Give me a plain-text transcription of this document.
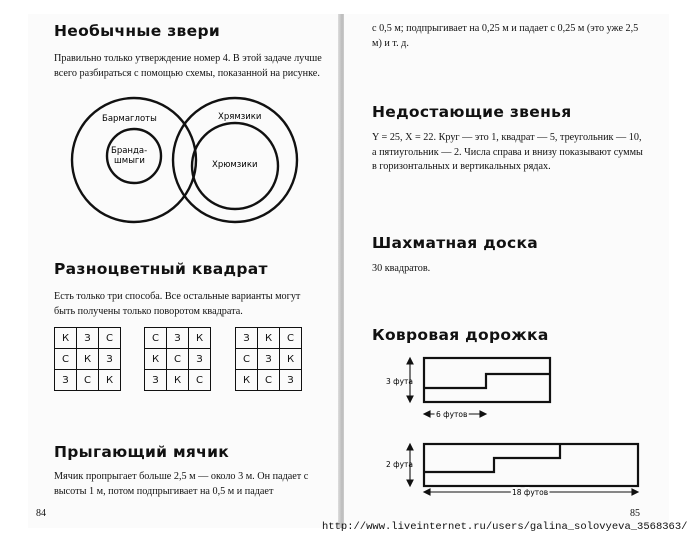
Необычные звери

Правильно только утверждение номер 4. В этой задаче лучше всего разбираться с помощью схемы, показанной на рисунке.

Бармаглоты
Бранда-
шмыги
Хрямзики
Хрюмзики
Разноцветный квадрат

Есть только три способа. Все остальные варианты могут быть получены только поворотом квадрата.

К	З	С
С	К	З
З	С	К
С	З	К
К	С	З
З	К	С
З	К	С
С	З	К
К	С	З
Прыгающий мячик

Мячик пропрыгает больше 2,5 м — около 3 м. Он падает с высоты 1 м, потом подпрыгивает на 0,5 м и падает

84

с 0,5 м; подпрыгивает на 0,25 м и падает с 0,25 м (это уже 2,5 м) и т. д.

Недостающие звенья

Y = 25, X = 22. Круг — это 1, квадрат — 5, треугольник — 10, а пятиугольник — 2. Числа справа и внизу показывают суммы в горизонтальных и вертикальных рядах.

Шахматная доска

30 квадратов.

Ковровая дорожка
3 фута
6 футов
2 фута
18 футов
85
http://www.liveinternet.ru/users/galina_solovyeva_3568363/
